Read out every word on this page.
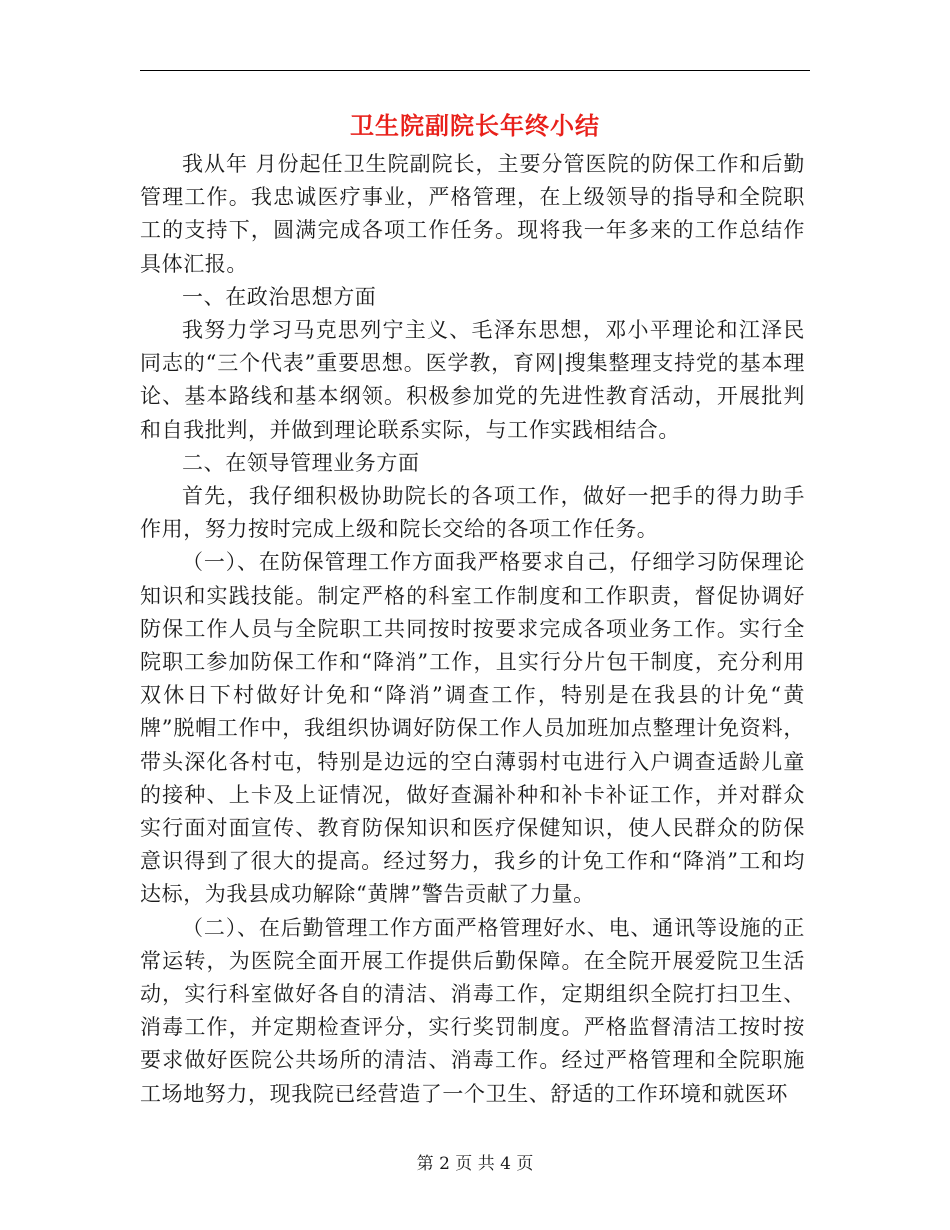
卫生院副院长年终小结

我从年 月份起任卫生院副院长，主要分管医院的防保工作和后勤管理工作。我忠诚医疗事业，严格管理，在上级领导的指导和全院职工的支持下，圆满完成各项工作任务。现将我一年多来的工作总结作具体汇报。

一、在政治思想方面

我努力学习马克思列宁主义、毛泽东思想，邓小平理论和江泽民同志的“三个代表”重要思想。医学教，育网|搜集整理支持党的基本理论、基本路线和基本纲领。积极参加党的先进性教育活动，开展批判和自我批判，并做到理论联系实际，与工作实践相结合。

二、在领导管理业务方面

首先，我仔细积极协助院长的各项工作，做好一把手的得力助手作用，努力按时完成上级和院长交给的各项工作任务。

（一）、在防保管理工作方面我严格要求自己，仔细学习防保理论知识和实践技能。制定严格的科室工作制度和工作职责，督促协调好防保工作人员与全院职工共同按时按要求完成各项业务工作。实行全院职工参加防保工作和“降消”工作，且实行分片包干制度，充分利用双休日下村做好计免和“降消”调查工作，特别是在我县的计免“黄牌”脱帽工作中，我组织协调好防保工作人员加班加点整理计免资料，带头深化各村屯，特别是边远的空白薄弱村屯进行入户调查适龄儿童的接种、上卡及上证情况，做好查漏补种和补卡补证工作，并对群众实行面对面宣传、教育防保知识和医疗保健知识，使人民群众的防保意识得到了很大的提高。经过努力，我乡的计免工作和“降消”工和均达标，为我县成功解除“黄牌”警告贡献了力量。

（二）、在后勤管理工作方面严格管理好水、电、通讯等设施的正常运转，为医院全面开展工作提供后勤保障。在全院开展爱院卫生活动，实行科室做好各自的清洁、消毒工作，定期组织全院打扫卫生、消毒工作，并定期检查评分，实行奖罚制度。严格监督清洁工按时按要求做好医院公共场所的清洁、消毒工作。经过严格管理和全院职施工场地努力，现我院已经营造了一个卫生、舒适的工作环境和就医环

第 2 页 共 4 页
